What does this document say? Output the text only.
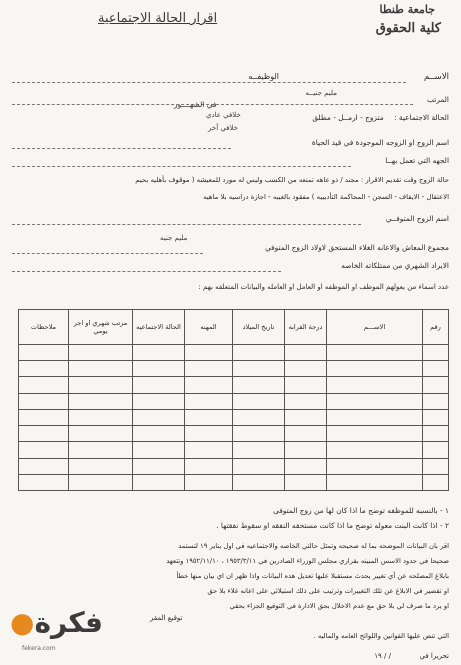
جامعة طنطا
كلية الحقوق
اقرار الحالة الاجتماعية
الاســم
الوظيفــه
المرتب
مليم جنيــه
الحالة الاجتماعية : متزوج - ارمــل - مطلق
في الشهــــور
خلافي عادي
خلافي آخر
اسم الزوج او الزوجه الموجودة في قيد الحياة
الجهه التي تعمل بهــا
حالة الزوج وقت تقديم الاقرار : مجند / ذو عاهه تمنعه من الكسب وليس له مورد للمعيشه ( موقوف بأهليه بحيم
الاعتقال - الايقاف - السجن - المحاكمة التأديبيه ) مفقود بالغيبه - اجازة دراسيه بلا ماهيه
اسم الزوج المتوفــي
مليم جنيه
مجموع المعاش والاعانه الغلاء المستحق لاولاد الزوج المتوفي
الايراد الشهري من ممتلكاته الخاصه
عدد اسماء من يعولهم الموظف او الموظفه او العامل او العامله والبيانات المتعلقه بهم :
رقم	الاســـم	درجة القرابه	تاريخ الميلاد	المهنه	الحالة الاجتماعيه	مرتب شهري او اجر يومي	ملاحظات

١ - بالنسبه للموظفه توضح ما اذا كان لها من زوج المتوفى
٢ - اذا كانت البنت معوله توضح ما اذا كانت مستحقه النفقه او سقوط نفقتها .
اقر بان البيانات الموضحه بما له صحيحه وتمثل حالتي الخاصه والاجتماعيه في اول يناير ١٩ لتستمد
صحيحا في حدود الاسس المبينه بقراري مجلس الوزراء الصادرين في ١٩٥٣/٣/١١ ، ١٩٥٢/١١/١٠ وتتعهد
بابلاغ المصلحه عن أي تغيير يحدث مستقبلا عليها تعديل هذه البيانات واذا ظهر ان اي بيان منها خطأ
او تقصير في الابلاغ عن تلك التغييرات وترتيب على ذلك استيلائي على اعانه غلاء بلا حق
او يرد ما صرف لي بلا حق مع عدم الاخلال بحق الادارة في التوقيع الجزاء بحقي
التي تنص عليها القوانين واللوائح العامه والماليه .
توقيع المقر
تحريرا في
/ / ١٩
فكرة●
fekera.com
